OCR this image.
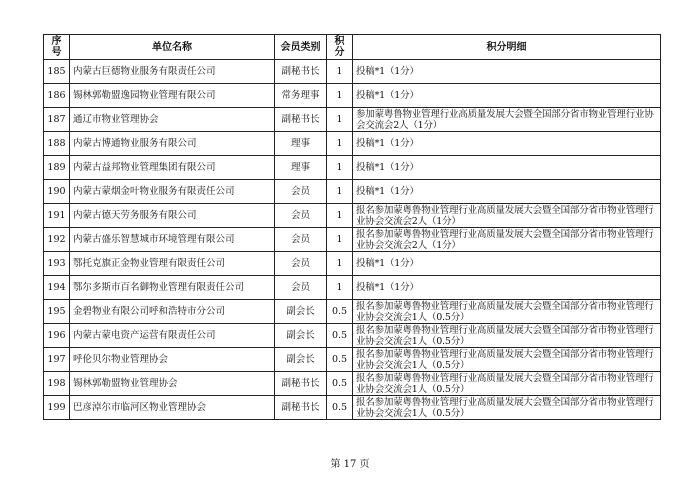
序号	单位名称	会员类别	积分	积分明细
185	内蒙古巨德物业服务有限责任公司	副秘书长	1	投稿*1（1分）
186	锡林郭勒盟逸园物业管理有限公司	常务理事	1	投稿*1（1分）
187	通辽市物业管理协会	副秘书长	1	参加蒙粤鲁物业管理行业高质量发展大会暨全国部分省市物业管理行业协会交流会2人（1分）
188	内蒙古博通物业服务有限公司	理事	1	投稿*1（1分）
189	内蒙古益邦物业管理集团有限公司	理事	1	投稿*1（1分）
190	内蒙古蒙烟金叶物业服务有限责任公司	会员	1	投稿*1（1分）
191	内蒙古德天劳务服务有限公司	会员	1	报名参加蒙粤鲁物业管理行业高质量发展大会暨全国部分省市物业管理行业协会交流会2人（1分）
192	内蒙古盛乐智慧城市环境管理有限公司	会员	1	报名参加蒙粤鲁物业管理行业高质量发展大会暨全国部分省市物业管理行业协会交流会2人（1分）
193	鄂托克旗正金物业管理有限责任公司	会员	1	投稿*1（1分）
194	鄂尔多斯市百名御物业管理有限责任公司	会员	1	投稿*1（1分）
195	金碧物业有限公司呼和浩特市分公司	副会长	0.5	报名参加蒙粤鲁物业管理行业高质量发展大会暨全国部分省市物业管理行业协会交流会1人（0.5分）
196	内蒙古蒙电资产运营有限责任公司	副会长	0.5	报名参加蒙粤鲁物业管理行业高质量发展大会暨全国部分省市物业管理行业协会交流会1人（0.5分）
197	呼伦贝尔物业管理协会	副会长	0.5	报名参加蒙粤鲁物业管理行业高质量发展大会暨全国部分省市物业管理行业协会交流会1人（0.5分）
198	锡林郭勒盟物业管理协会	副秘书长	0.5	报名参加蒙粤鲁物业管理行业高质量发展大会暨全国部分省市物业管理行业协会交流会1人（0.5分）
199	巴彦淖尔市临河区物业管理协会	副秘书长	0.5	报名参加蒙粤鲁物业管理行业高质量发展大会暨全国部分省市物业管理行业协会交流会1人（0.5分）
第 17 页
